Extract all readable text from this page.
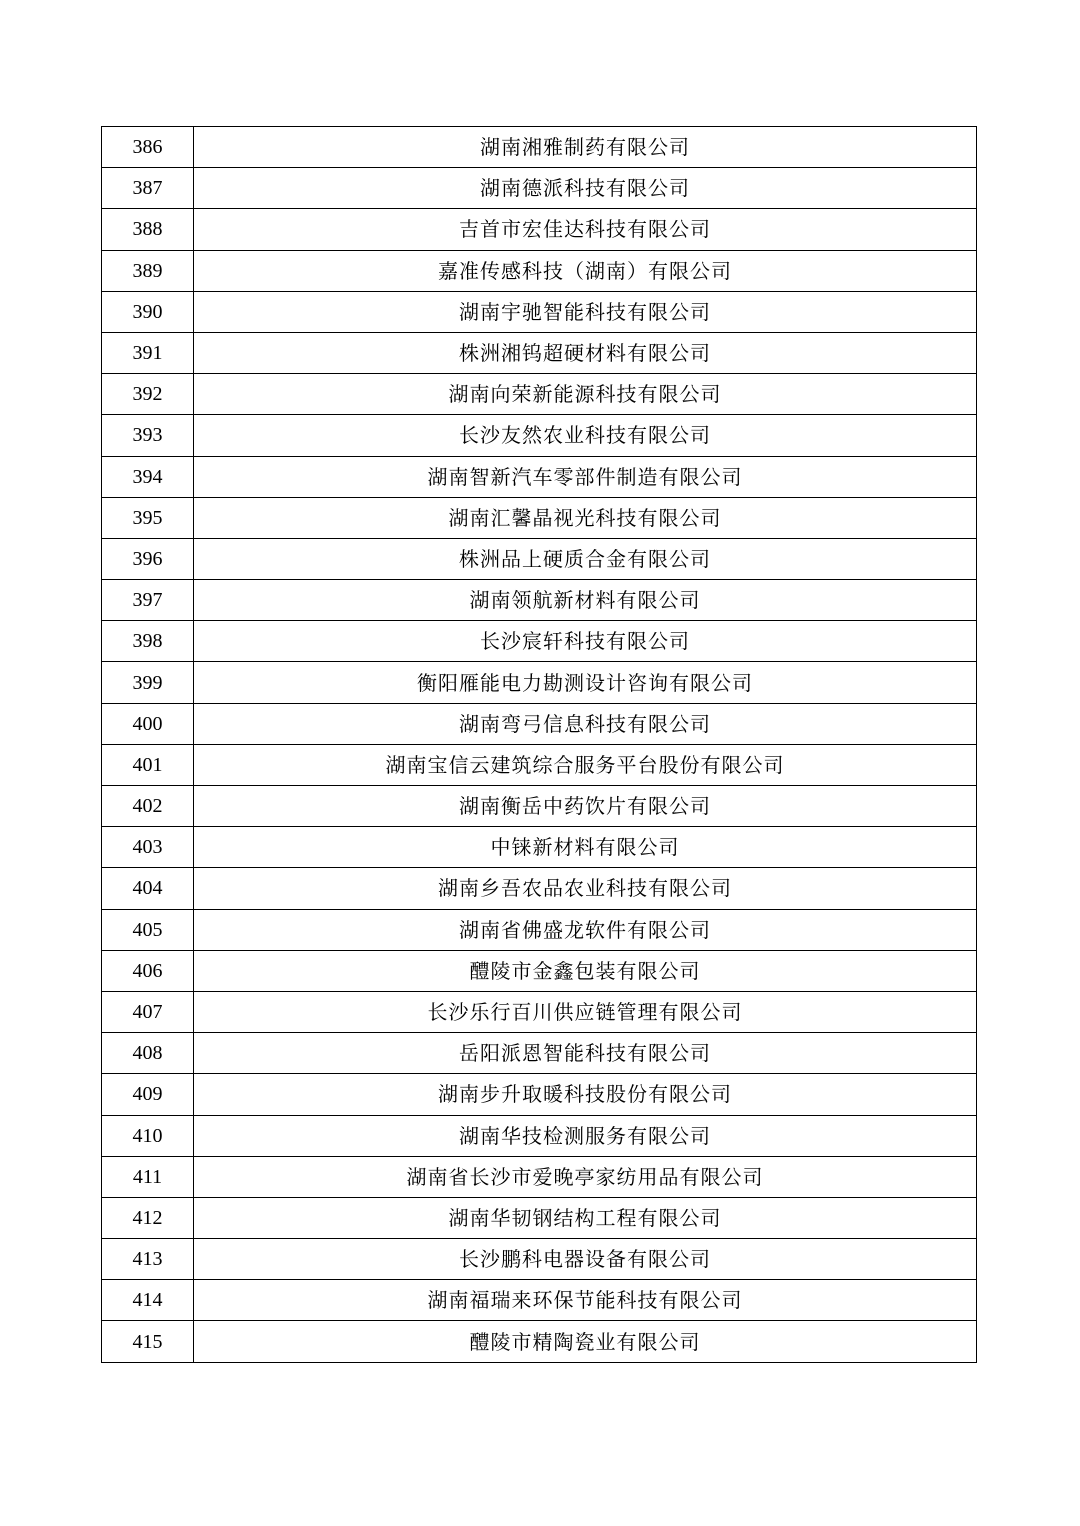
386	湖南湘雅制药有限公司
387	湖南德派科技有限公司
388	吉首市宏佳达科技有限公司
389	嘉准传感科技（湖南）有限公司
390	湖南宇驰智能科技有限公司
391	株洲湘钨超硬材料有限公司
392	湖南向荣新能源科技有限公司
393	长沙友然农业科技有限公司
394	湖南智新汽车零部件制造有限公司
395	湖南汇馨晶视光科技有限公司
396	株洲品上硬质合金有限公司
397	湖南领航新材料有限公司
398	长沙宸轩科技有限公司
399	衡阳雁能电力勘测设计咨询有限公司
400	湖南弯弓信息科技有限公司
401	湖南宝信云建筑综合服务平台股份有限公司
402	湖南衡岳中药饮片有限公司
403	中铼新材料有限公司
404	湖南乡吾农品农业科技有限公司
405	湖南省佛盛龙软件有限公司
406	醴陵市金鑫包装有限公司
407	长沙乐行百川供应链管理有限公司
408	岳阳派恩智能科技有限公司
409	湖南步升取暖科技股份有限公司
410	湖南华技检测服务有限公司
411	湖南省长沙市爱晚亭家纺用品有限公司
412	湖南华韧钢结构工程有限公司
413	长沙鹏科电器设备有限公司
414	湖南福瑞来环保节能科技有限公司
415	醴陵市精陶瓷业有限公司
